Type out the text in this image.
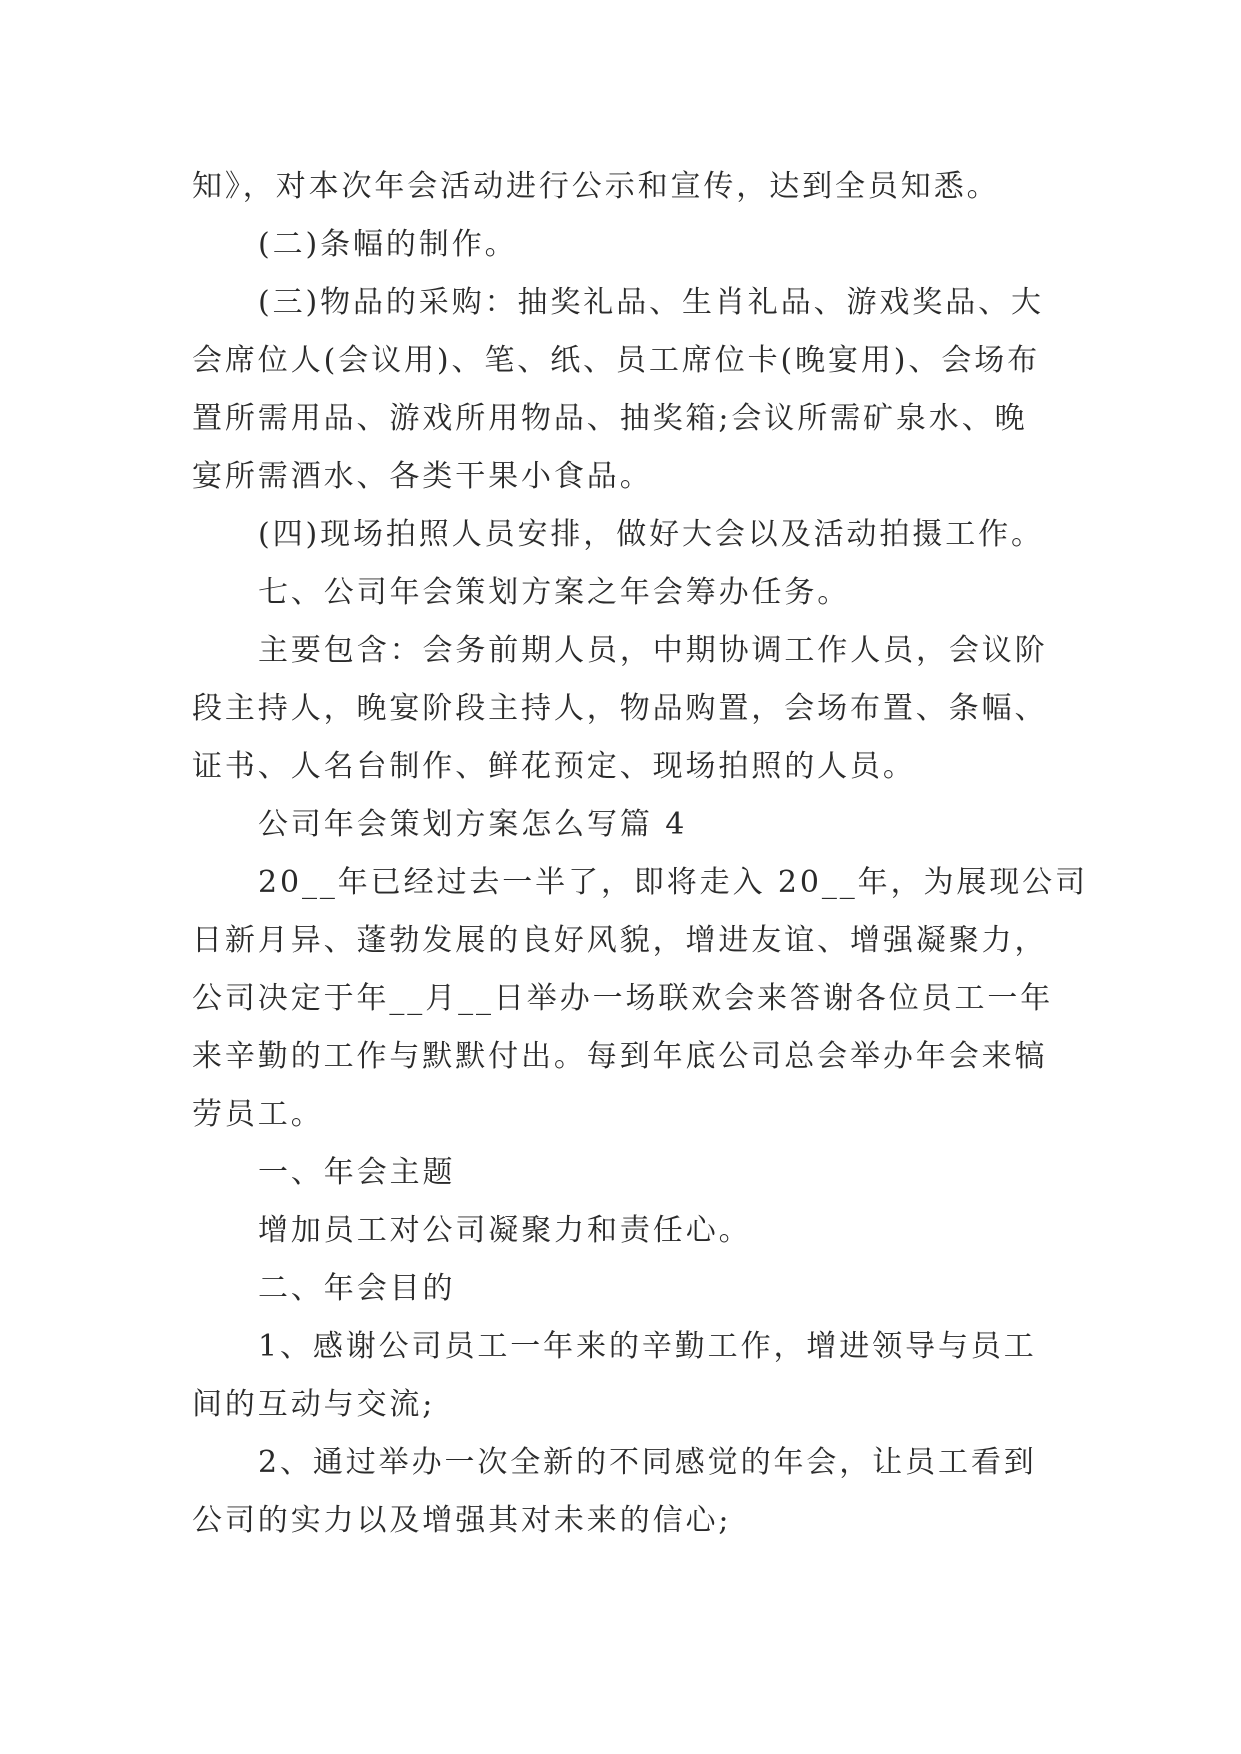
知》，对本次年会活动进行公示和宣传，达到全员知悉。
(二)条幅的制作。
(三)物品的采购：抽奖礼品、生肖礼品、游戏奖品、大
会席位人(会议用)、笔、纸、员工席位卡(晚宴用)、会场布
置所需用品、游戏所用物品、抽奖箱;会议所需矿泉水、晚
宴所需酒水、各类干果小食品。
(四)现场拍照人员安排，做好大会以及活动拍摄工作。
七、公司年会策划方案之年会筹办任务。
主要包含：会务前期人员，中期协调工作人员，会议阶
段主持人，晚宴阶段主持人，物品购置，会场布置、条幅、
证书、人名台制作、鲜花预定、现场拍照的人员。
公司年会策划方案怎么写篇 4
20__年已经过去一半了，即将走入 20__年，为展现公司
日新月异、蓬勃发展的良好风貌，增进友谊、增强凝聚力，
公司决定于年__月__日举办一场联欢会来答谢各位员工一年
来辛勤的工作与默默付出。每到年底公司总会举办年会来犒
劳员工。
一、年会主题
增加员工对公司凝聚力和责任心。
二、年会目的
1、感谢公司员工一年来的辛勤工作，增进领导与员工
间的互动与交流;
2、通过举办一次全新的不同感觉的年会，让员工看到
公司的实力以及增强其对未来的信心;
